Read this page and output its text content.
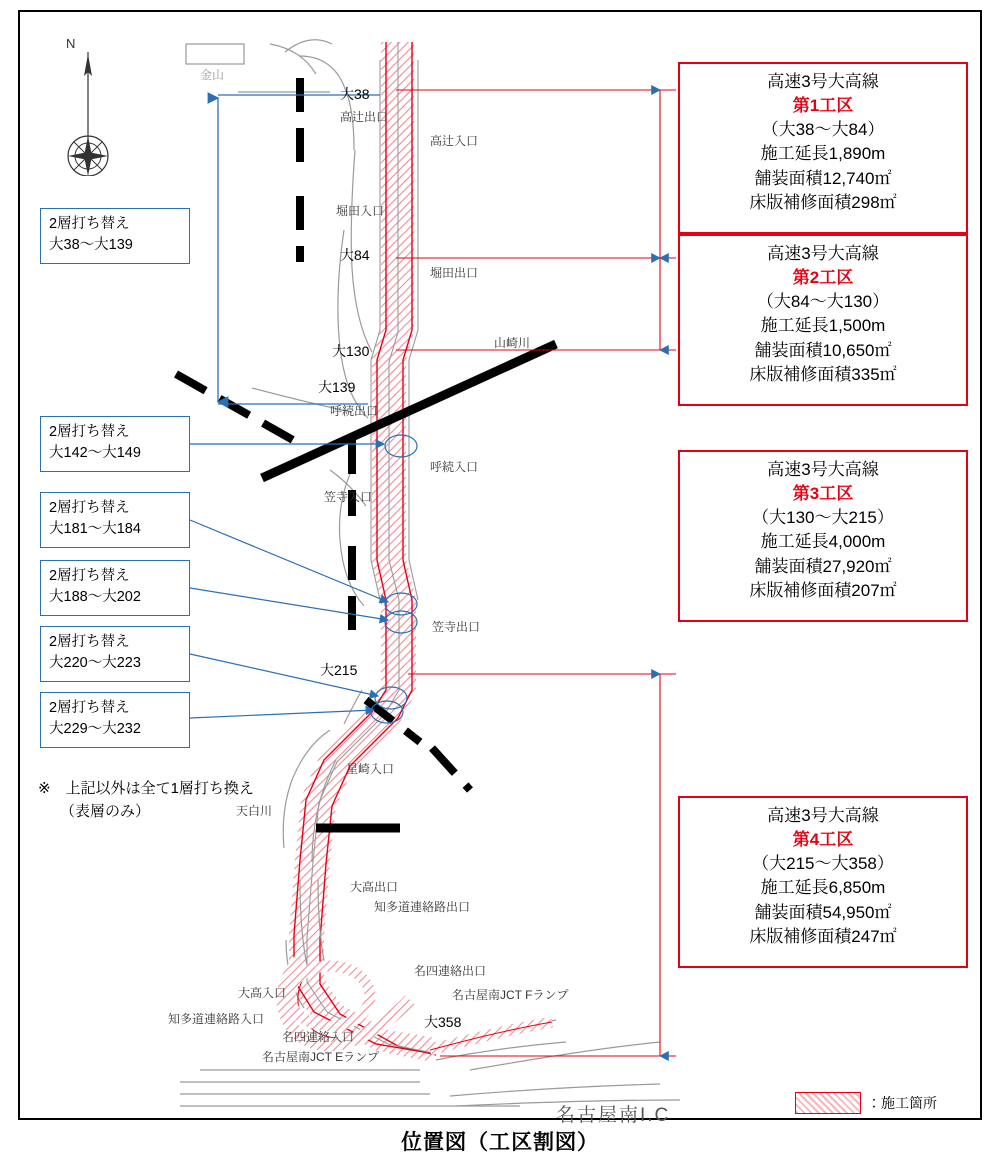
N
高速3号大高線
第1工区
（大38〜大84）
施工延長1,890m
舗装面積12,740㎡
床版補修面積298㎡
高速3号大高線
第2工区
（大84〜大130）
施工延長1,500m
舗装面積10,650㎡
床版補修面積335㎡
高速3号大高線
第3工区
（大130〜大215）
施工延長4,000m
舗装面積27,920㎡
床版補修面積207㎡
高速3号大高線
第4工区
（大215〜大358）
施工延長6,850m
舗装面積54,950㎡
床版補修面積247㎡
2層打ち替え
大38〜大139
2層打ち替え
大142〜大149
2層打ち替え
大181〜大184
2層打ち替え
大188〜大202
2層打ち替え
大220〜大223
2層打ち替え
大229〜大232
※　上記以外は全て1層打ち換え
（表層のみ）
大38
大84
大130
大139
大215
大358
高辻出口
高辻入口
堀田入口
堀田出口
呼続出口
呼続入口
笠寺入口
笠寺出口
星崎入口
大高出口
知多道連絡路出口
名四連絡出口
名古屋南JCT Fランプ
大高入口
知多道連絡路入口
名四連絡入口
名古屋南JCT Eランプ
山崎川
天白川
金山
名古屋南I.C
：施工箇所
位置図（工区割図）
